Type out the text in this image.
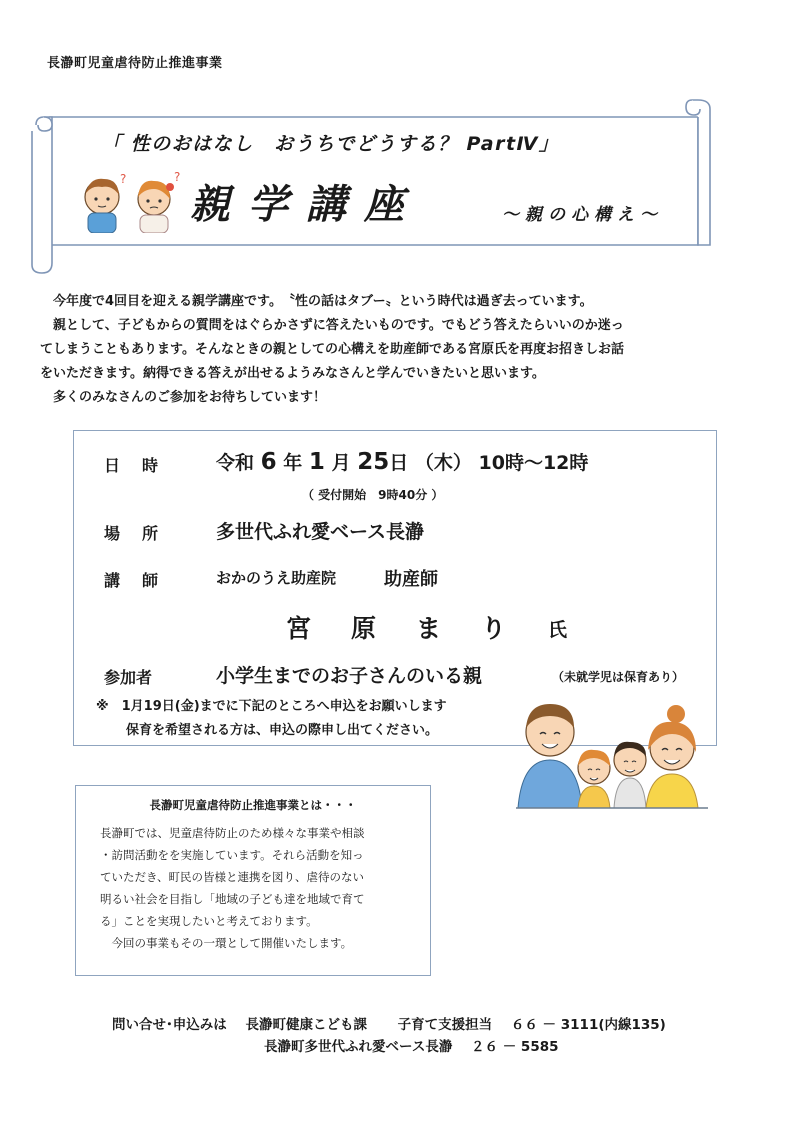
長瀞町児童虐待防止推進事業
「 性のおはなし　おうちでどうする？ PartⅣ」
親学講座	～親の心構え～
?	?

　今年度で4回目を迎える親学講座です。　〝性の話はタブー〟という時代は過ぎ去っています。

　親として、子どもからの質問をはぐらかさずに答えたいものです。でもどう答えたらいいのか迷っ

てしまうこともあります。そんなときの親としての心構えを助産師である宮原氏を再度お招きしお話

をいただきます。納得できる答えが出せるようみなさんと学んでいきたいと思います。

　多くのみなさんのご参加をお待ちしています！

日時 令和 6 年 1 月 25日 （木） 10時～12時
（ 受付開始　9時40分 ）
場所 多世代ふれ愛ベース長瀞
講師 おかのうえ助産院	助産師
宮原まり 氏
参加者	小学生までのお子さんのいる親	（未就学児は保育あり）
※　1月19日(金)までに下記のところへ申込をお願いします
保育を希望される方は、申込の際申し出てください。
長瀞町児童虐待防止推進事業とは・・・

長瀞町では、児童虐待防止のため様々な事業や相談

・訪問活動をを実施しています。それら活動を知っ

ていただき、町民の皆様と連携を図り、虐待のない

明るい社会を目指し「地域の子ども達を地域で育て

る」ことを実現したいと考えております。

　今回の事業もその一環として開催いたします。

問い合せ･申込みは 長瀞町健康こども課 子育て支援担当 ６６ － 3111(内線135)
長瀞町多世代ふれ愛ベース長瀞 ２６ － 5585
